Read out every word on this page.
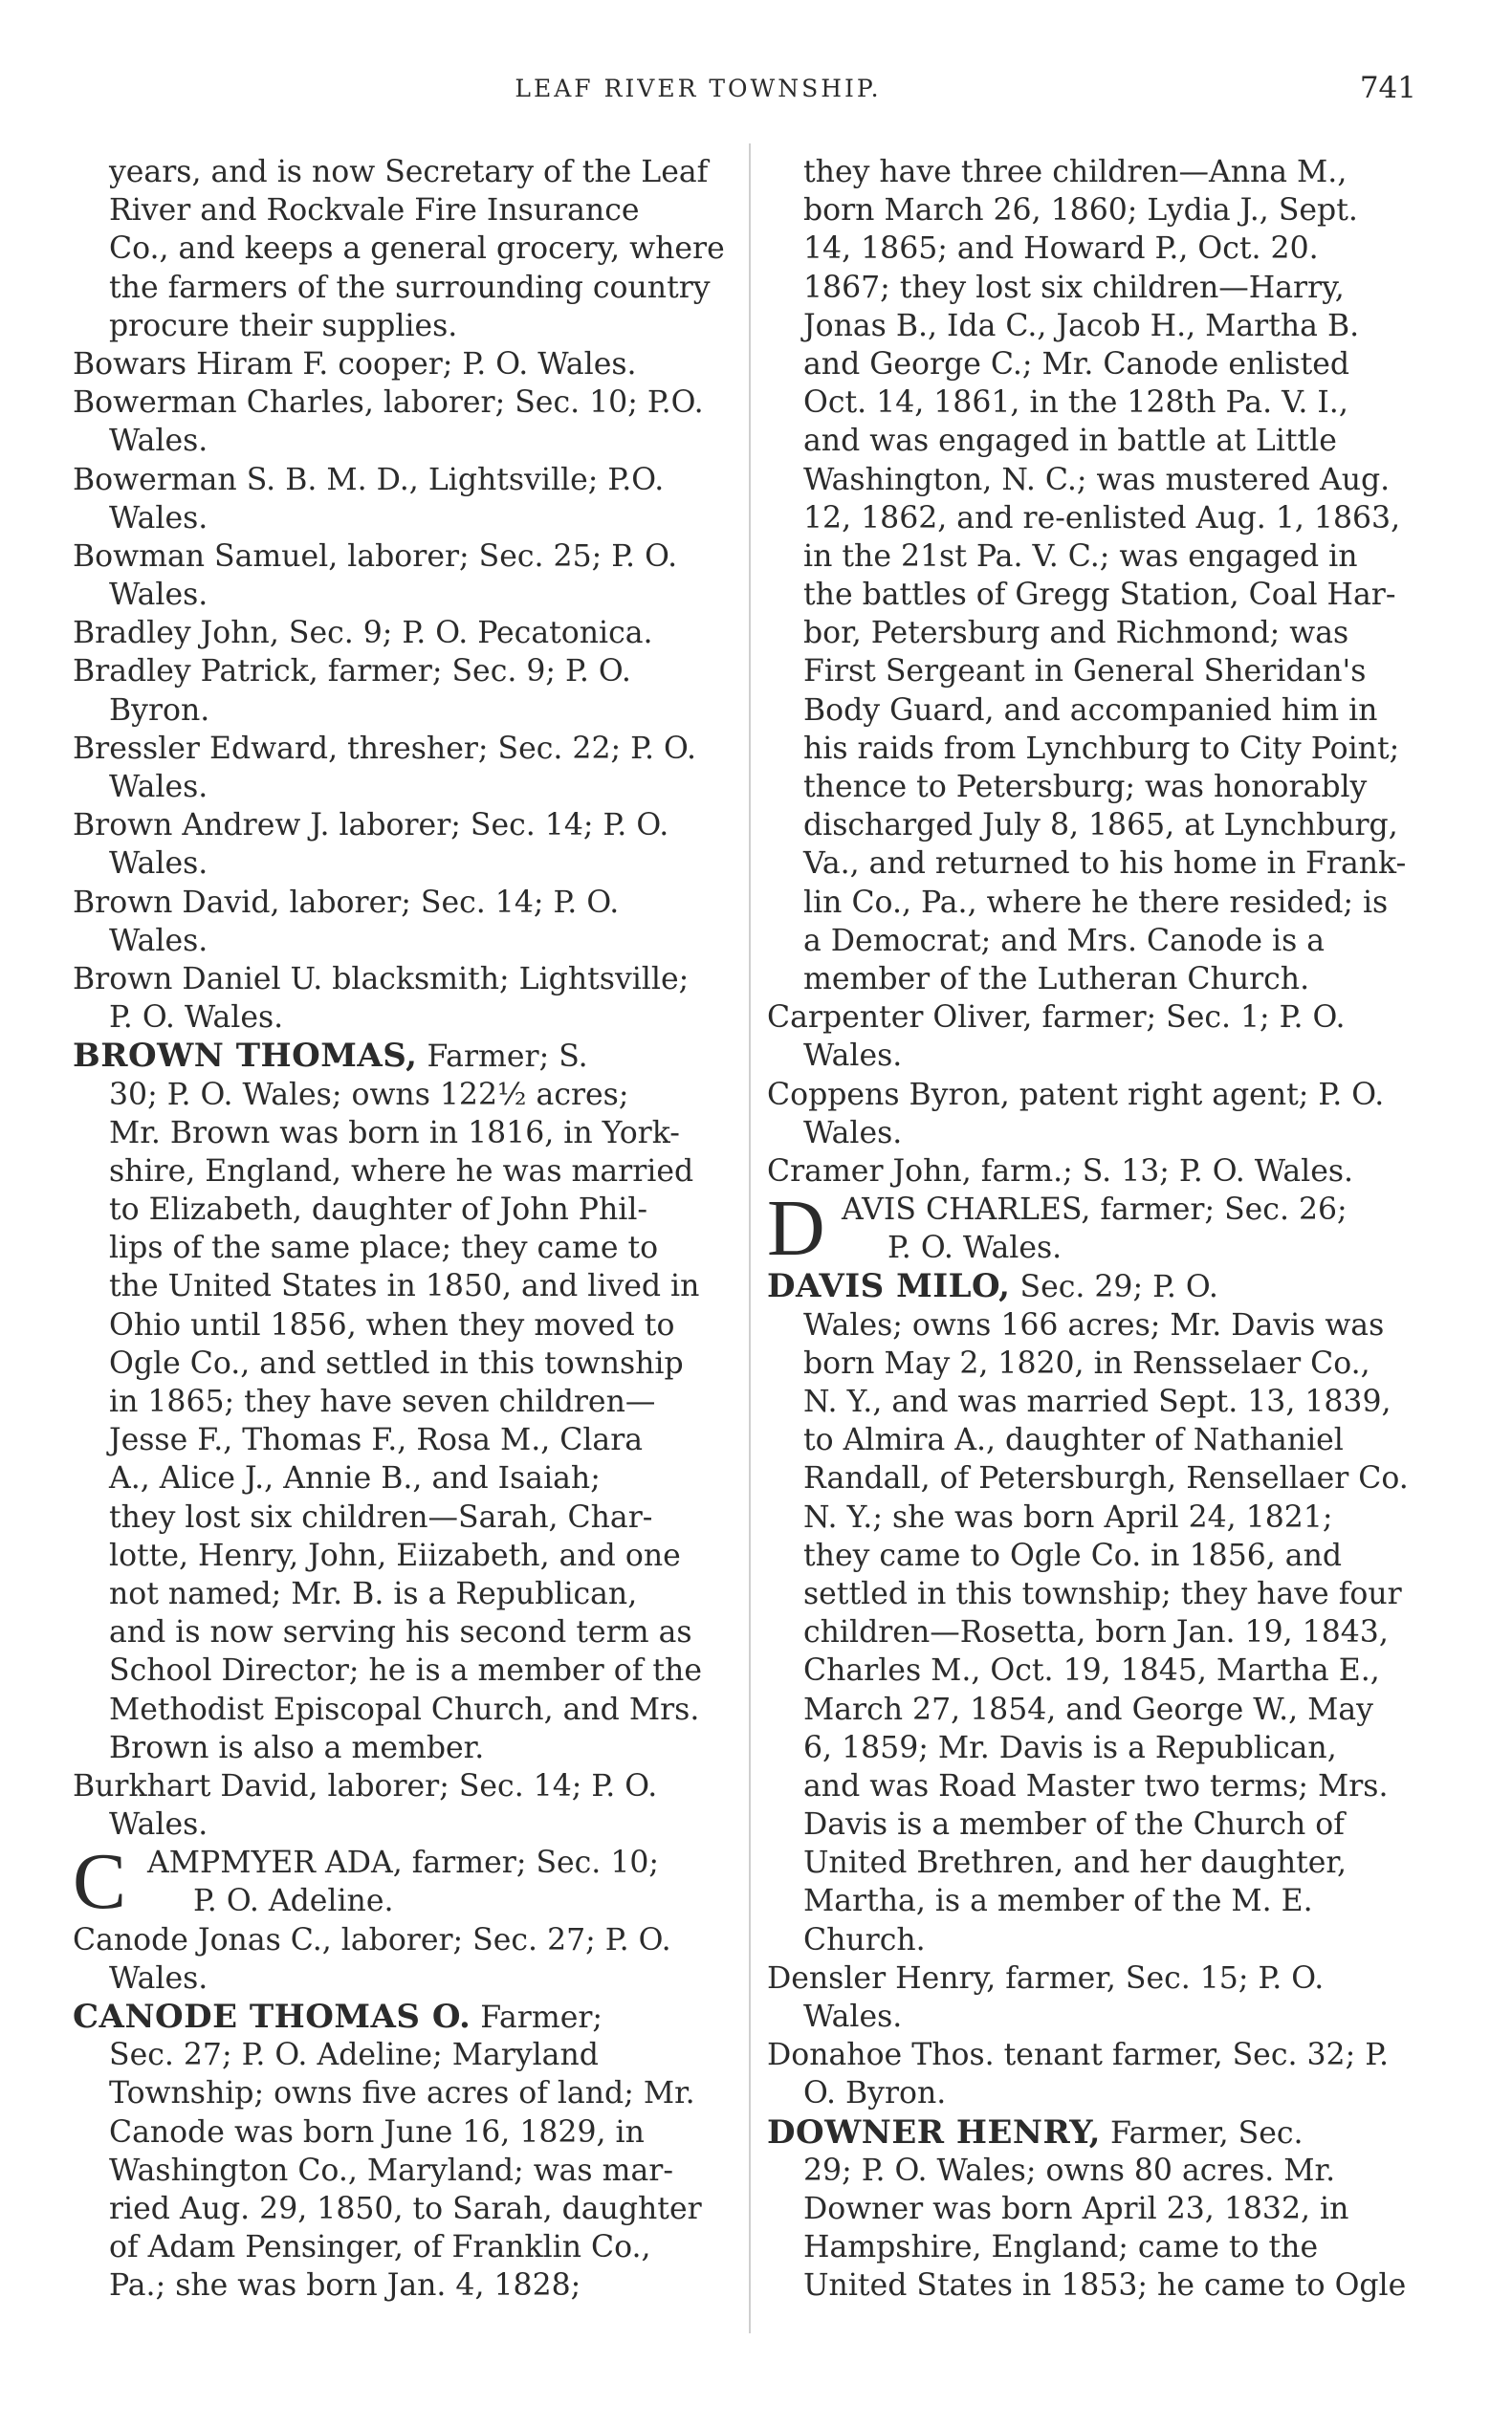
LEAF RIVER TOWNSHIP.	741
years, and is now Secretary of the Leaf
River and Rockvale Fire Insurance
Co., and keeps a general grocery, where
the farmers of the surrounding country
procure their supplies.
Bowars Hiram F. cooper; P. O. Wales.
Bowerman Charles, laborer; Sec. 10; P.O.
Wales.
Bowerman S. B. M. D., Lightsville; P.O.
Wales.
Bowman Samuel, laborer; Sec. 25; P. O.
Wales.
Bradley John, Sec. 9; P. O. Pecatonica.
Bradley Patrick, farmer; Sec. 9; P. O.
Byron.
Bressler Edward, thresher; Sec. 22; P. O.
Wales.
Brown Andrew J. laborer; Sec. 14; P. O.
Wales.
Brown David, laborer; Sec. 14; P. O.
Wales.
Brown Daniel U. blacksmith; Lightsville;
P. O. Wales.
BROWN THOMAS, Farmer; S.
30; P. O. Wales; owns 122½ acres;
Mr. Brown was born in 1816, in York-
shire, England, where he was married
to Elizabeth, daughter of John Phil-
lips of the same place; they came to
the United States in 1850, and lived in
Ohio until 1856, when they moved to
Ogle Co., and settled in this township
in 1865; they have seven children—
Jesse F., Thomas F., Rosa M., Clara
A., Alice J., Annie B., and Isaiah;
they lost six children—Sarah, Char-
lotte, Henry, John, Eiizabeth, and one
not named; Mr. B. is a Republican,
and is now serving his second term as
School Director; he is a member of the
Methodist Episcopal Church, and Mrs.
Brown is also a member.
Burkhart David, laborer; Sec. 14; P. O.
Wales.
C AMPMYER ADA, farmer; Sec. 10;
P. O. Adeline.
Canode Jonas C., laborer; Sec. 27; P. O.
Wales.
CANODE THOMAS O. Farmer;
Sec. 27; P. O. Adeline; Maryland
Township; owns five acres of land; Mr.
Canode was born June 16, 1829, in
Washington Co., Maryland; was mar-
ried Aug. 29, 1850, to Sarah, daughter
of Adam Pensinger, of Franklin Co.,
Pa.; she was born Jan. 4, 1828;
they have three children—Anna M.,
born March 26, 1860; Lydia J., Sept.
14, 1865; and Howard P., Oct. 20.
1867; they lost six children—Harry,
Jonas B., Ida C., Jacob H., Martha B.
and George C.; Mr. Canode enlisted
Oct. 14, 1861, in the 128th Pa. V. I.,
and was engaged in battle at Little
Washington, N. C.; was mustered Aug.
12, 1862, and re-enlisted Aug. 1, 1863,
in the 21st Pa. V. C.; was engaged in
the battles of Gregg Station, Coal Har-
bor, Petersburg and Richmond; was
First Sergeant in General Sheridan's
Body Guard, and accompanied him in
his raids from Lynchburg to City Point;
thence to Petersburg; was honorably
discharged July 8, 1865, at Lynchburg,
Va., and returned to his home in Frank-
lin Co., Pa., where he there resided; is
a Democrat; and Mrs. Canode is a
member of the Lutheran Church.
Carpenter Oliver, farmer; Sec. 1; P. O.
Wales.
Coppens Byron, patent right agent; P. O.
Wales.
Cramer John, farm.; S. 13; P. O. Wales.
D AVIS CHARLES, farmer; Sec. 26;
P. O. Wales.
DAVIS MILO, Sec. 29; P. O.
Wales; owns 166 acres; Mr. Davis was
born May 2, 1820, in Rensselaer Co.,
N. Y., and was married Sept. 13, 1839,
to Almira A., daughter of Nathaniel
Randall, of Petersburgh, Rensellaer Co.
N. Y.; she was born April 24, 1821;
they came to Ogle Co. in 1856, and
settled in this township; they have four
children—Rosetta, born Jan. 19, 1843,
Charles M., Oct. 19, 1845, Martha E.,
March 27, 1854, and George W., May
6, 1859; Mr. Davis is a Republican,
and was Road Master two terms; Mrs.
Davis is a member of the Church of
United Brethren, and her daughter,
Martha, is a member of the M. E.
Church.
Densler Henry, farmer, Sec. 15; P. O.
Wales.
Donahoe Thos. tenant farmer, Sec. 32; P.
O. Byron.
DOWNER HENRY, Farmer, Sec.
29; P. O. Wales; owns 80 acres. Mr.
Downer was born April 23, 1832, in
Hampshire, England; came to the
United States in 1853; he came to Ogle
